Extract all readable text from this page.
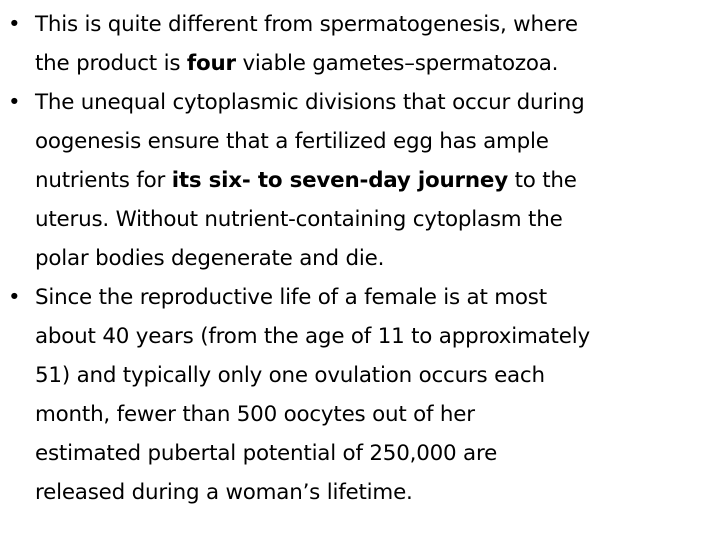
• This is quite different from spermatogenesis, where
the product is four viable gametes–spermatozoa.
• The unequal cytoplasmic divisions that occur during
oogenesis ensure that a fertilized egg has ample
nutrients for its six- to seven-day journey to the
uterus. Without nutrient-containing cytoplasm the
polar bodies degenerate and die.
• Since the reproductive life of a female is at most
about 40 years (from the age of 11 to approximately
51) and typically only one ovulation occurs each
month, fewer than 500 oocytes out of her
estimated pubertal potential of 250,000 are
released during a woman’s lifetime.
